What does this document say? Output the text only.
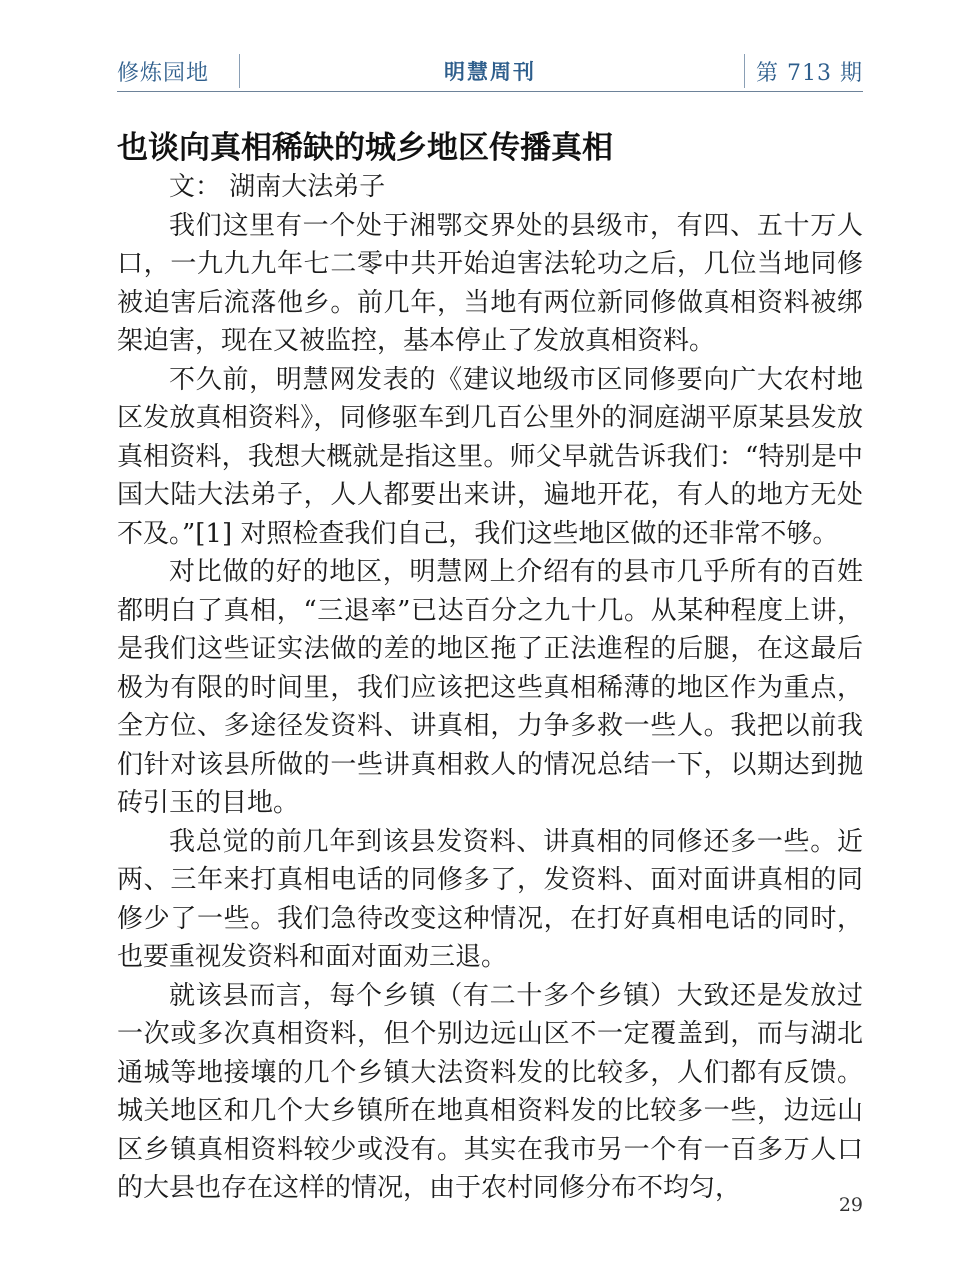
修炼园地	明慧周刊	第 713 期
也谈向真相稀缺的城乡地区传播真相

文： 湖南大法弟子

我们这里有一个处于湘鄂交界处的县级市，有四、五十万人口，一九九九年七二零中共开始迫害法轮功之后，几位当地同修被迫害后流落他乡。前几年，当地有两位新同修做真相资料被绑架迫害，现在又被监控，基本停止了发放真相资料。

不久前，明慧网发表的《建议地级市区同修要向广大农村地区发放真相资料》，同修驱车到几百公里外的洞庭湖平原某县发放真相资料，我想大概就是指这里。师父早就告诉我们：“特别是中国大陆大法弟子，人人都要出来讲，遍地开花，有人的地方无处不及。”[1] 对照检查我们自己，我们这些地区做的还非常不够。

对比做的好的地区，明慧网上介绍有的县市几乎所有的百姓都明白了真相，“三退率”已达百分之九十几。从某种程度上讲，是我们这些证实法做的差的地区拖了正法進程的后腿，在这最后极为有限的时间里，我们应该把这些真相稀薄的地区作为重点，全方位、多途径发资料、讲真相，力争多救一些人。我把以前我们针对该县所做的一些讲真相救人的情况总结一下，以期达到抛砖引玉的目地。

我总觉的前几年到该县发资料、讲真相的同修还多一些。近两、三年来打真相电话的同修多了，发资料、面对面讲真相的同修少了一些。我们急待改变这种情况，在打好真相电话的同时，也要重视发资料和面对面劝三退。

就该县而言，每个乡镇（有二十多个乡镇）大致还是发放过一次或多次真相资料，但个别边远山区不一定覆盖到，而与湖北通城等地接壤的几个乡镇大法资料发的比较多，人们都有反馈。城关地区和几个大乡镇所在地真相资料发的比较多一些，边远山区乡镇真相资料较少或没有。其实在我市另一个有一百多万人口的大县也存在这样的情况，由于农村同修分布不均匀，

29
